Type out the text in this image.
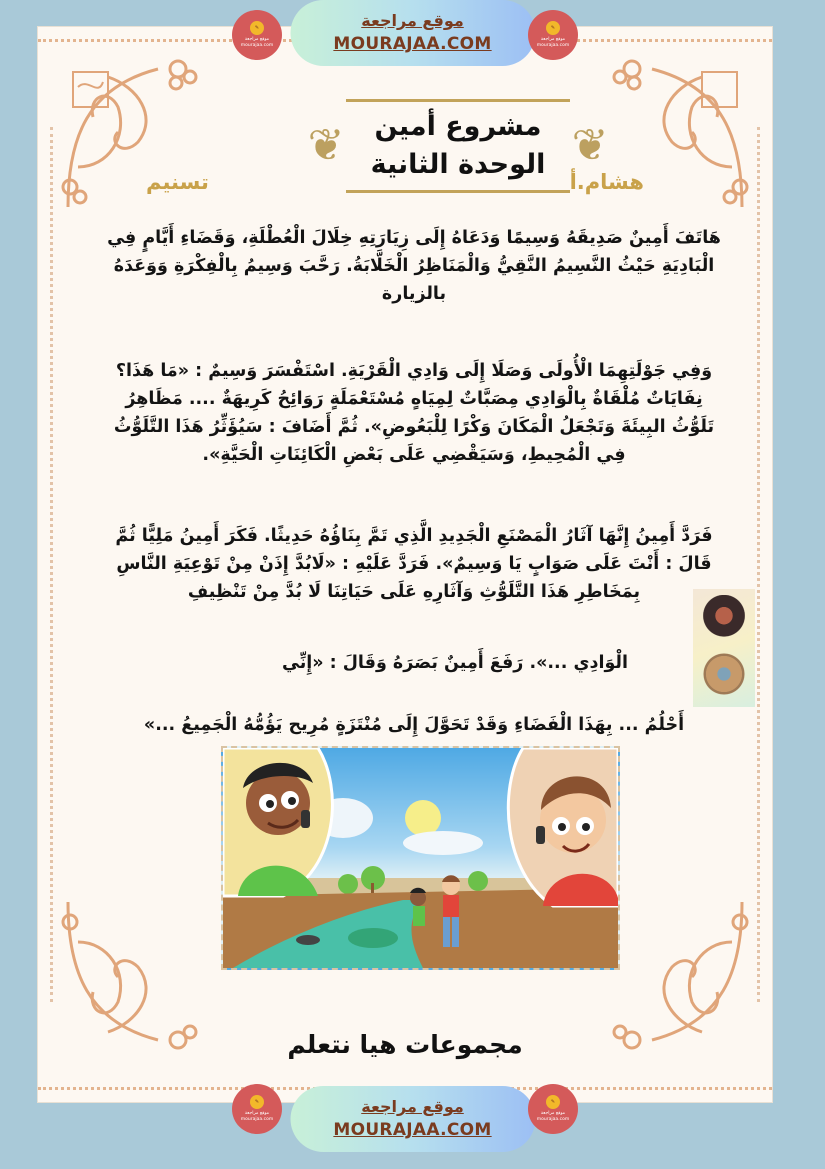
✎
موقع مراجعة
mourajaa.com
موقع مراجعة
MOURAJAA.COM
✎
موقع مراجعة
mourajaa.com
❦	❦
مشروع أمين
الوحدة الثانية
هشام.أ
تسنيم

هَاتَفَ أَمِينٌ صَدِيقَهُ وَسِيمًا وَدَعَاهُ إِلَى زِيَارَتِهِ خِلَالَ الْعُطْلَةِ، وَقَضَاءِ أَيَّامٍ فِي

الْبَادِيَةِ حَيْثُ النَّسِيمُ النَّقِيُّ وَالْمَنَاظِرُ الْخَلَّابَةُ. رَحَّبَ وَسِيمُ بِالْفِكْرَةِ وَوَعَدَهُ

بالزيارة

وَفِي جَوْلَتِهِمَا الْأُولَى وَصَلَا إِلَى وَادِي الْقَرْيَةِ. اسْتَفْسَرَ وَسِيمٌ : «مَا هَذَا؟

نِفَايَاتٌ مُلْقَاةٌ بِالْوَادِي مِصَبَّاتٌ لِمِيَاهٍ مُسْتَعْمَلَةٍ رَوَائِحُ كَرِيهَةٌ .... مَظَاهِرُ

تَلَوُّثُ البِيئَةَ وَتَجْعَلُ الْمَكَانَ وَكْرًا لِلْبَعُوضِ». ثُمَّ أَضَافَ : سَيُؤَثِّرُ هَذَا التَّلَوُّثُ

فِي الْمُحِيطِ، وَسَيَقْضِي عَلَى بَعْضِ الْكَائِنَاتِ الْحَيَّةِ».

فَرَدَّ أَمِينُ إِنَّهَا آثَارُ الْمَصْنَعِ الْجَدِيدِ الَّذِي تَمَّ بِنَاؤُهُ حَدِيثًا. فَكَرَ أَمِينُ مَلِيًّا ثُمَّ

قَالَ : أَنْتَ عَلَى صَوَابٍ يَا وَسِيمٌ». فَرَدَّ عَلَيْهِ : «لَابُدَّ إِذَنْ مِنْ تَوْعِيَةِ النَّاسِ

بِمَخَاطِرِ هَذَا التَّلَوُّثِ وَآثَارِهِ عَلَى حَيَاتِنَا لَا بُدَّ مِنْ تَنْظِيفِ

الْوَادِي ...». رَفَعَ أَمِينٌ بَصَرَهُ وَقَالَ : «إِنِّي

أَحْلُمُ ... بِهَذَا الْفَضَاءِ وَقَدْ تَحَوَّلَ إِلَى مُنْتَزَةٍ مُرِيح يَؤُمُّهُ الْجَمِيعُ ...»

مجموعات هيا نتعلم
✎
موقع مراجعة
mourajaa.com
موقع مراجعة
MOURAJAA.COM
✎
موقع مراجعة
mourajaa.com
